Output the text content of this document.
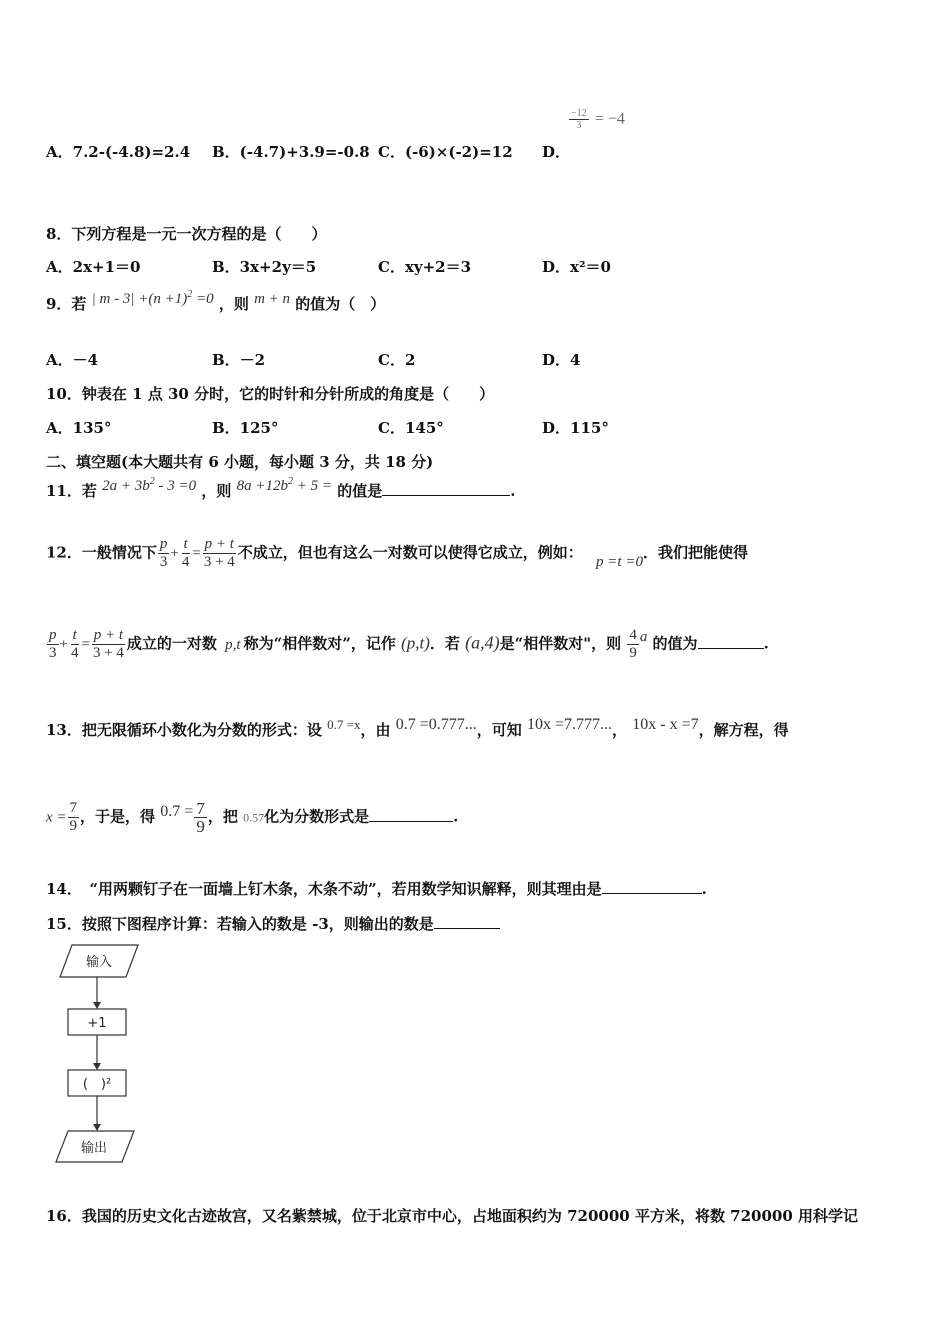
A．7.2-(-4.8)=2.4 B．(-4.7)+3.9=-0.8 C．(-6)×(-2)=12 D．
$\frac{-12}{3} = -4$
8．下列方程是一元一次方程的是（　　）
A．2x+1＝0	B．3x+2y＝5	C．xy+2＝3	D．x²＝0
9．若 | $m - 3| +(n +1)^2 =0$ ，则 m + n 的值为（　）
A．－4	B．－2	C．2	D．4
10．钟表在 1 点 30 分时，它的时针和分针所成的角度是（　　）
A．135°	B．125°	C．145°	D．115°
二、填空题(本大题共有 6 小题，每小题 3 分，共 18 分)
11．若 $2a + 3b^2 - 3 =0$ ，则 $8a +12b^2 + 5$ = 的值是	.
12．一般情况下 $\frac{p}{3} + \frac{t}{4} = \frac{p + t}{3 + 4}$ 不成立，但也有这么一对数可以使得它成立，例如： p =t =0．我们把能使得
$\frac{p}{3} + \frac{t}{4} = \frac{p + t}{3 + 4}$ 成立的一对数 p,t 称为“相伴数对”，记作 (p,t)．若 (a,4)是“相伴数对"，则 $\frac{4}{9}$ a 的值为	.
13．把无限循环小数化为分数的形式：设 0.7 =x，由 0.7 =0.777...，可知 10x =7.777...， 10x - x =7，解方程，得
$x = \frac{7}{9}$ ，于是，得 $0.7 = \frac{7}{9}$ ，把 0.57化为分数形式是	.
14．　“用两颗钉子在一面墙上钉木条，木条不动”，若用数学知识解释，则其理由是	.
15．按照下图程序计算：若输入的数是 -3，则输出的数是
输入
+1
(　)²
输出
16．我国的历史文化古迹故宫，又名紫禁城，位于北京市中心，占地面积约为 720000 平方米，将数 720000 用科学记
